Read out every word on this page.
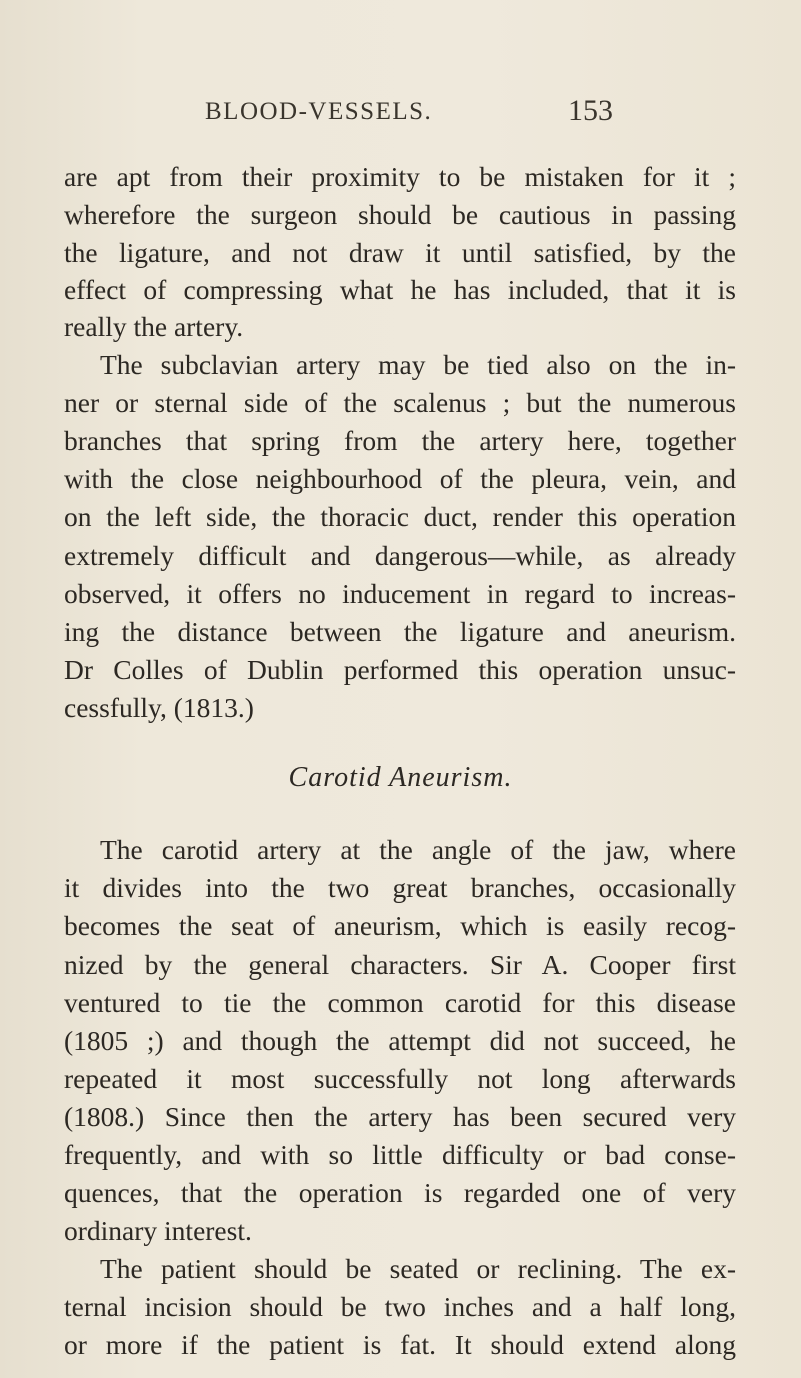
BLOOD-VESSELS.	153
are apt from their proximity to be mistaken for it ;
wherefore the surgeon should be cautious in passing
the ligature, and not draw it until satisfied, by the
effect of compressing what he has included, that it is
really the artery.
The subclavian artery may be tied also on the in-
ner or sternal side of the scalenus ; but the numerous
branches that spring from the artery here, together
with the close neighbourhood of the pleura, vein, and
on the left side, the thoracic duct, render this operation
extremely difficult and dangerous—while, as already
observed, it offers no inducement in regard to increas-
ing the distance between the ligature and aneurism.
Dr Colles of Dublin performed this operation unsuc-
cessfully, (1813.)
Carotid Aneurism.
The carotid artery at the angle of the jaw, where
it divides into the two great branches, occasionally
becomes the seat of aneurism, which is easily recog-
nized by the general characters. Sir A. Cooper first
ventured to tie the common carotid for this disease
(1805 ;) and though the attempt did not succeed, he
repeated it most successfully not long afterwards
(1808.) Since then the artery has been secured very
frequently, and with so little difficulty or bad conse-
quences, that the operation is regarded one of very
ordinary interest.
The patient should be seated or reclining. The ex-
ternal incision should be two inches and a half long,
or more if the patient is fat. It should extend along
